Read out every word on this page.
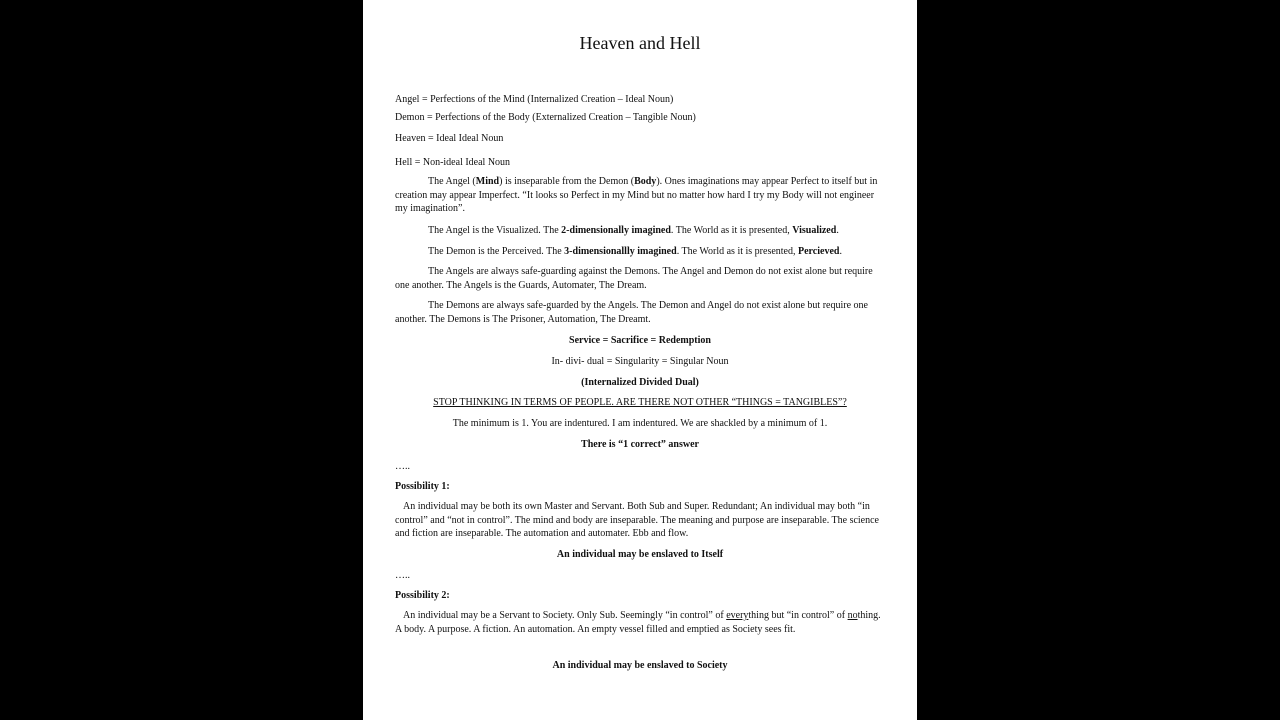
Heaven and Hell
Angel = Perfections of the Mind (Internalized Creation – Ideal Noun)
Demon = Perfections of the Body (Externalized Creation – Tangible Noun)
Heaven = Ideal Ideal Noun
Hell = Non-ideal Ideal Noun
The Angel (Mind) is inseparable from the Demon (Body). Ones imaginations may appear Perfect to itself but in creation may appear Imperfect. “It looks so Perfect in my Mind but no matter how hard I try my Body will not engineer my imagination”.
The Angel is the Visualized. The 2-dimensionally imagined. The World as it is presented, Visualized.
The Demon is the Perceived. The 3-dimensionallly imagined. The World as it is presented, Percieved.
The Angels are always safe-guarding against the Demons. The Angel and Demon do not exist alone but require one another. The Angels is the Guards, Automater, The Dream.
The Demons are always safe-guarded by the Angels. The Demon and Angel do not exist alone but require one another. The Demons is The Prisoner, Automation, The Dreamt.
Service = Sacrifice = Redemption
In- divi- dual = Singularity = Singular Noun
(Internalized Divided Dual)
STOP THINKING IN TERMS OF PEOPLE. ARE THERE NOT OTHER “THINGS = TANGIBLES”?
The minimum is 1. You are indentured. I am indentured. We are shackled by a minimum of 1.
There is “1 correct” answer
…..
Possibility 1:
An individual may be both its own Master and Servant. Both Sub and Super. Redundant; An individual may both “in control” and “not in control”. The mind and body are inseparable. The meaning and purpose are inseparable. The science and fiction are inseparable. The automation and automater. Ebb and flow.
An individual may be enslaved to Itself
…..
Possibility 2:
An individual may be a Servant to Society. Only Sub. Seemingly “in control” of everything but “in control” of nothing. A body. A purpose. A fiction. An automation. An empty vessel filled and emptied as Society sees fit.
An individual may be enslaved to Society
